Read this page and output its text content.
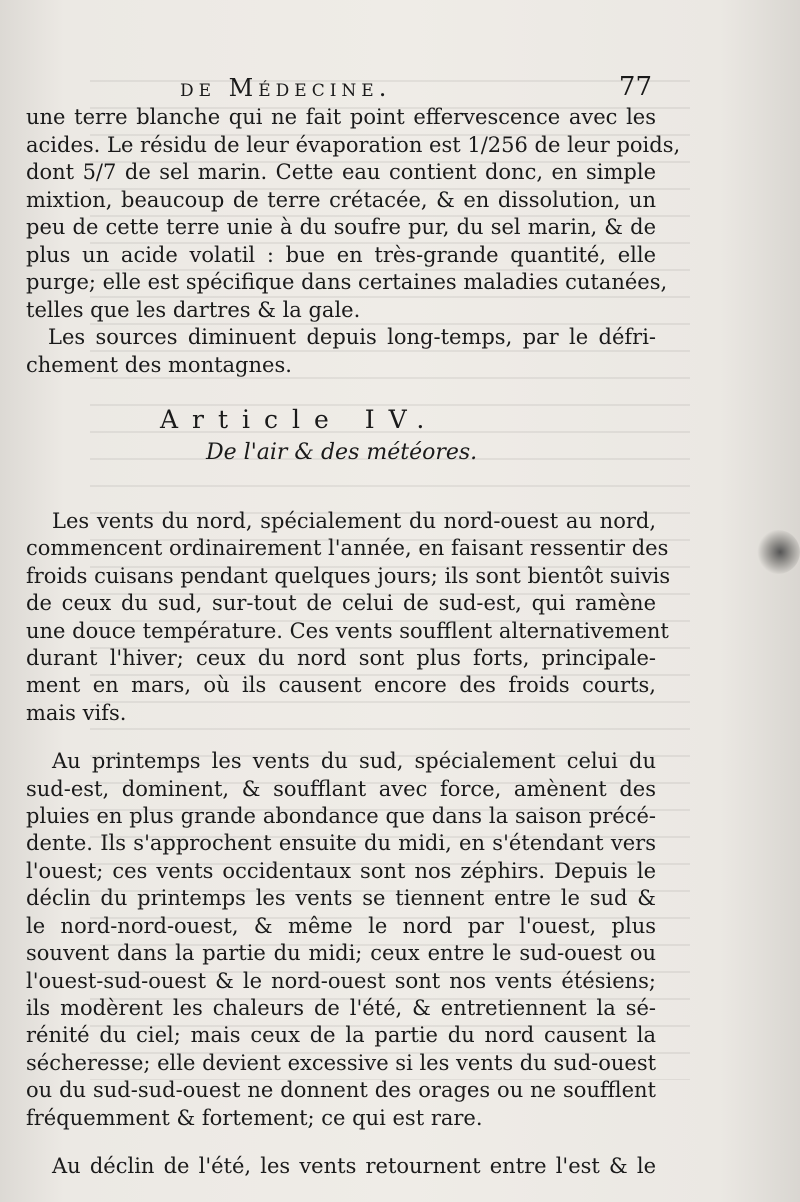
de Médecine.	77

une terre blanche qui ne fait point effervescence avec les
acides. Le résidu de leur évaporation est 1/256 de leur poids,
dont 5/7 de sel marin. Cette eau contient donc, en simple
mixtion, beaucoup de terre crétacée, & en dissolution, un
peu de cette terre unie à du soufre pur, du sel marin, & de
plus un acide volatil : bue en très-grande quantité, elle
purge; elle est spécifique dans certaines maladies cutanées,
telles que les dartres & la gale.

Les sources diminuent depuis long-temps, par le défri-
chement des montagnes.

Article IV.
De l'air & des météores.

Les vents du nord, spécialement du nord-ouest au nord,
commencent ordinairement l'année, en faisant ressentir des
froids cuisans pendant quelques jours; ils sont bientôt suivis
de ceux du sud, sur-tout de celui de sud-est, qui ramène
une douce température. Ces vents soufflent alternativement
durant l'hiver; ceux du nord sont plus forts, principale-
ment en mars, où ils causent encore des froids courts,
mais vifs.

Au printemps les vents du sud, spécialement celui du
sud-est, dominent, & soufflant avec force, amènent des
pluies en plus grande abondance que dans la saison précé-
dente. Ils s'approchent ensuite du midi, en s'étendant vers
l'ouest; ces vents occidentaux sont nos zéphirs. Depuis le
déclin du printemps les vents se tiennent entre le sud &
le nord-nord-ouest, & même le nord par l'ouest, plus
souvent dans la partie du midi; ceux entre le sud-ouest ou
l'ouest-sud-ouest & le nord-ouest sont nos vents étésiens;
ils modèrent les chaleurs de l'été, & entretiennent la sé-
rénité du ciel; mais ceux de la partie du nord causent la
sécheresse; elle devient excessive si les vents du sud-ouest
ou du sud-sud-ouest ne donnent des orages ou ne soufflent
fréquemment & fortement; ce qui est rare.

Au déclin de l'été, les vents retournent entre l'est & le
